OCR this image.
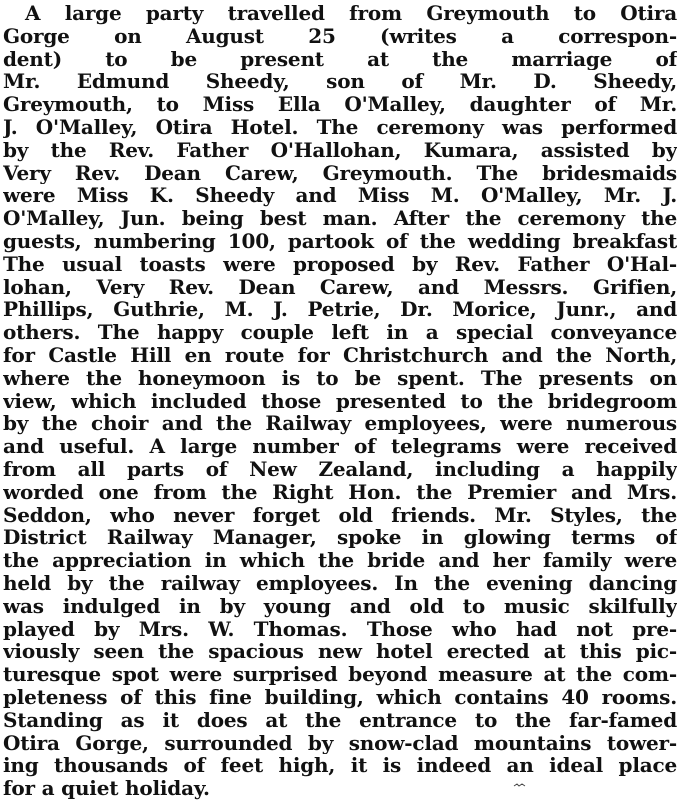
A large party travelled from Greymouth to Otira
Gorge on August 25 (writes a correspon-
dent) to be present at the marriage of
Mr. Edmund Sheedy, son of Mr. D. Sheedy,
Greymouth, to Miss Ella O'Malley, daughter of Mr.
J. O'Malley, Otira Hotel. The ceremony was performed
by the Rev. Father O'Hallohan, Kumara, assisted by
Very Rev. Dean Carew, Greymouth. The bridesmaids
were Miss K. Sheedy and Miss M. O'Malley, Mr. J.
O'Malley, Jun. being best man. After the ceremony the
guests, numbering 100, partook of the wedding breakfast
The usual toasts were proposed by Rev. Father O'Hal-
lohan, Very Rev. Dean Carew, and Messrs. Grifien,
Phillips, Guthrie, M. J. Petrie, Dr. Morice, Junr., and
others. The happy couple left in a special conveyance
for Castle Hill en route for Christchurch and the North,
where the honeymoon is to be spent. The presents on
view, which included those presented to the bridegroom
by the choir and the Railway employees, were numerous
and useful. A large number of telegrams were received
from all parts of New Zealand, including a happily
worded one from the Right Hon. the Premier and Mrs.
Seddon, who never forget old friends. Mr. Styles, the
District Railway Manager, spoke in glowing terms of
the appreciation in which the bride and her family were
held by the railway employees. In the evening dancing
was indulged in by young and old to music skilfully
played by Mrs. W. Thomas. Those who had not pre-
viously seen the spacious new hotel erected at this pic-
turesque spot were surprised beyond measure at the com-
pleteness of this fine building, which contains 40 rooms.
Standing as it does at the entrance to the far-famed
Otira Gorge, surrounded by snow-clad mountains tower-
ing thousands of feet high, it is indeed an ideal place
for a quiet holiday.
